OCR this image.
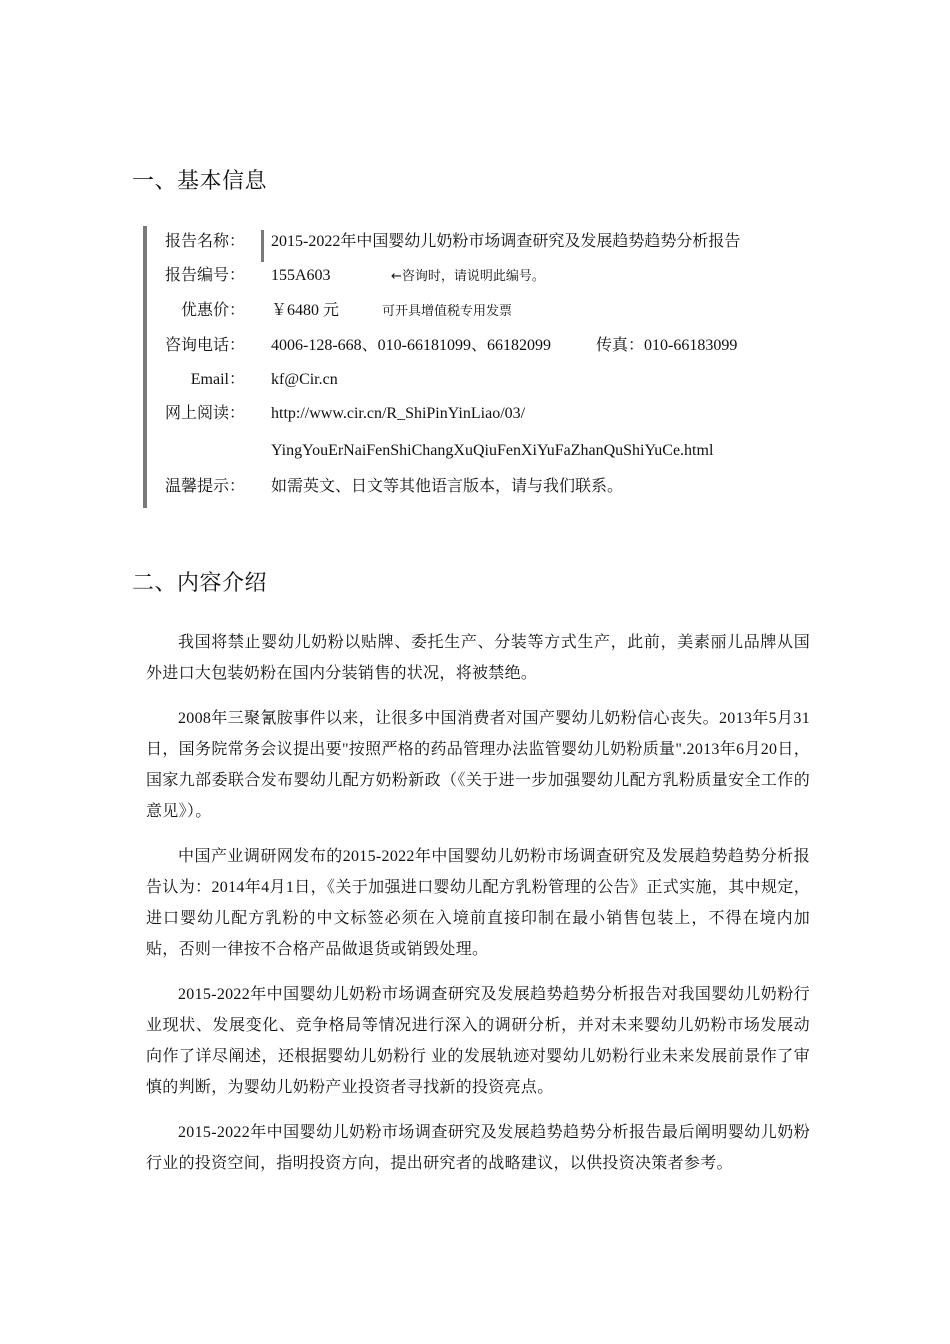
一、基本信息
报告名称： 2015-2022年中国婴幼儿奶粉市场调查研究及发展趋势趋势分析报告
报告编号： 155A603	←咨询时，请说明此编号。
优惠价： ￥6480 元	可开具增值税专用发票
咨询电话： 4006-128-668、010-66181099、66182099	传真：010-66183099
Email： kf@Cir.cn
网上阅读： http://www.cir.cn/R_ShiPinYinLiao/03/
YingYouErNaiFenShiChangXuQiuFenXiYuFaZhanQuShiYuCe.html
温馨提示： 如需英文、日文等其他语言版本，请与我们联系。
二、内容介绍

我国将禁止婴幼儿奶粉以贴牌、委托生产、分装等方式生产，此前，美素丽儿品牌从国外进口大包装奶粉在国内分装销售的状况，将被禁绝。

2008年三聚氰胺事件以来，让很多中国消费者对国产婴幼儿奶粉信心丧失。2013年5月31日，国务院常务会议提出要"按照严格的药品管理办法监管婴幼儿奶粉质量".2013年6月20日，国家九部委联合发布婴幼儿配方奶粉新政（《关于进一步加强婴幼儿配方乳粉质量安全工作的意见》）。

中国产业调研网发布的2015-2022年中国婴幼儿奶粉市场调查研究及发展趋势趋势分析报告认为：2014年4月1日，《关于加强进口婴幼儿配方乳粉管理的公告》正式实施，其中规定，进口婴幼儿配方乳粉的中文标签必须在入境前直接印制在最小销售包装上，不得在境内加贴，否则一律按不合格产品做退货或销毁处理。

2015-2022年中国婴幼儿奶粉市场调查研究及发展趋势趋势分析报告对我国婴幼儿奶粉行业现状、发展变化、竞争格局等情况进行深入的调研分析，并对未来婴幼儿奶粉市场发展动向作了详尽阐述，还根据婴幼儿奶粉行 业的发展轨迹对婴幼儿奶粉行业未来发展前景作了审慎的判断，为婴幼儿奶粉产业投资者寻找新的投资亮点。

2015-2022年中国婴幼儿奶粉市场调查研究及发展趋势趋势分析报告最后阐明婴幼儿奶粉行业的投资空间，指明投资方向，提出研究者的战略建议，以供投资决策者参考。
